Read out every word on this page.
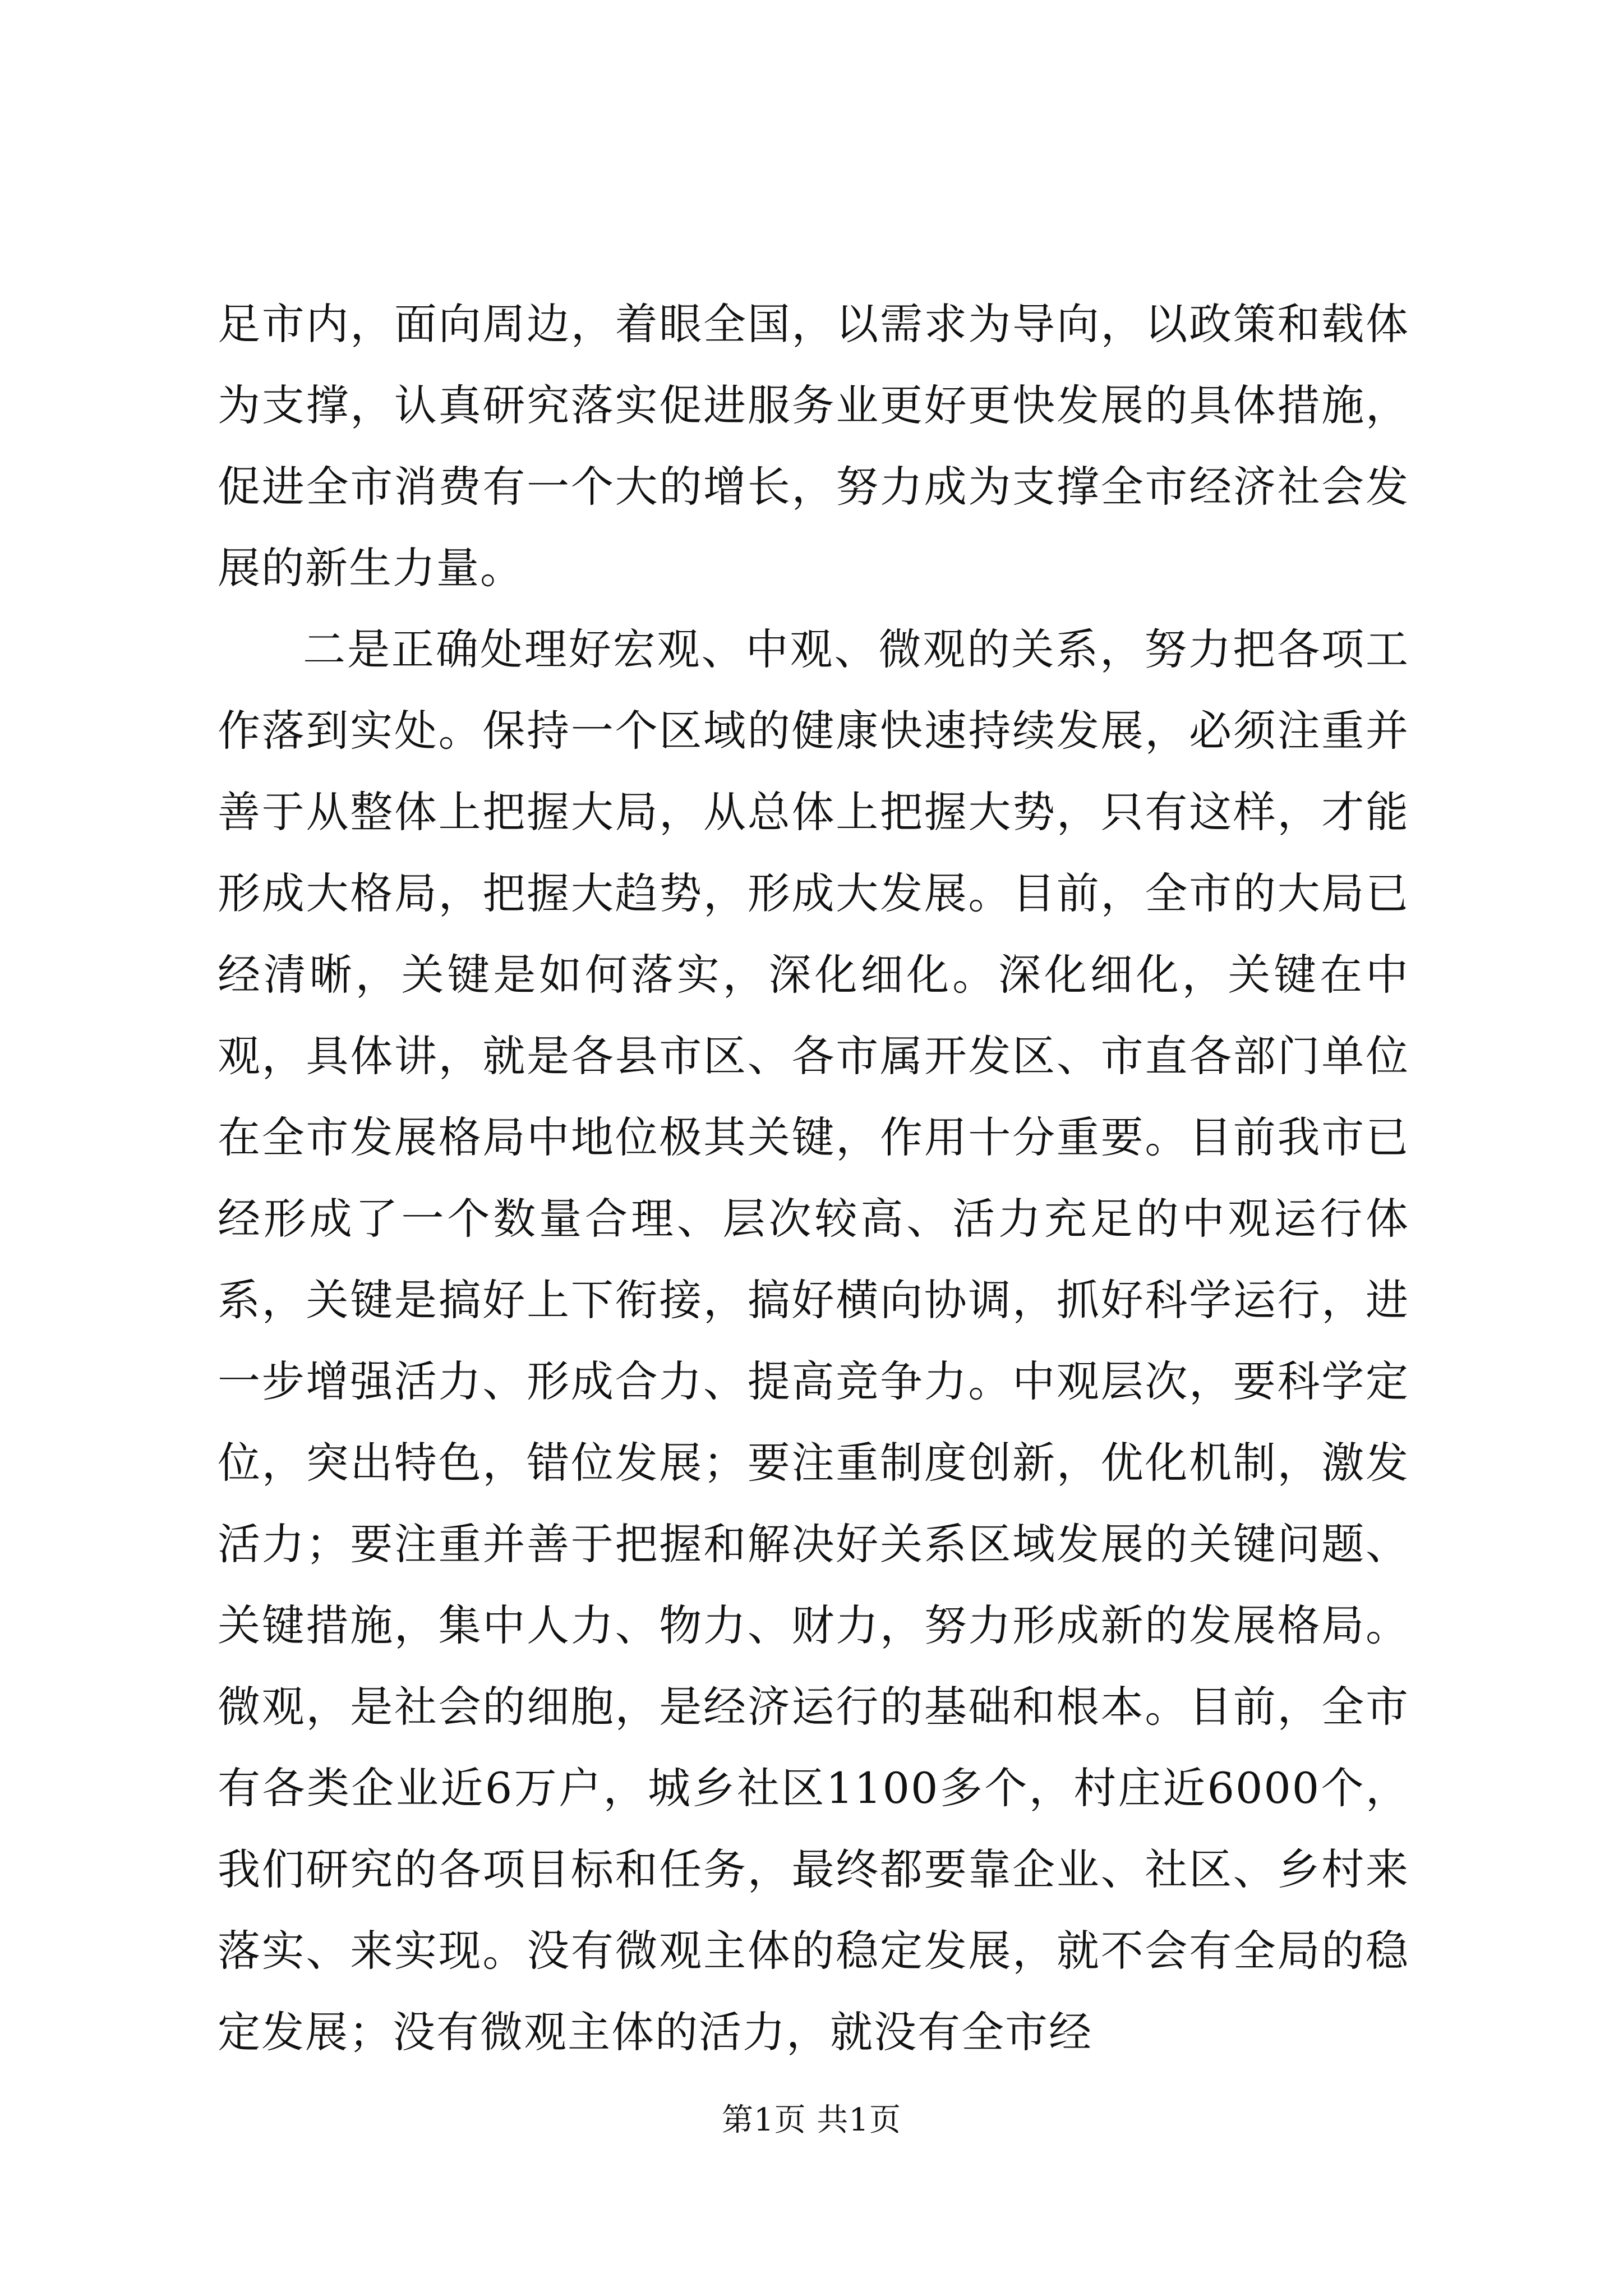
足市内，面向周边，着眼全国，以需求为导向，以政策和载体为支撑，认真研究落实促进服务业更好更快发展的具体措施，促进全市消费有一个大的增长，努力成为支撑全市经济社会发展的新生力量。

二是正确处理好宏观、中观、微观的关系，努力把各项工作落到实处。保持一个区域的健康快速持续发展，必须注重并善于从整体上把握大局，从总体上把握大势，只有这样，才能形成大格局，把握大趋势，形成大发展。目前，全市的大局已经清晰，关键是如何落实，深化细化。深化细化，关键在中观，具体讲，就是各县市区、各市属开发区、市直各部门单位在全市发展格局中地位极其关键，作用十分重要。目前我市已经形成了一个数量合理、层次较高、活力充足的中观运行体系，关键是搞好上下衔接，搞好横向协调，抓好科学运行，进一步增强活力、形成合力、提高竞争力。中观层次，要科学定位，突出特色，错位发展；要注重制度创新，优化机制，激发活力；要注重并善于把握和解决好关系区域发展的关键问题、关键措施，集中人力、物力、财力，努力形成新的发展格局。微观，是社会的细胞，是经济运行的基础和根本。目前，全市有各类企业近6万户，城乡社区1100多个，村庄近6000个，我们研究的各项目标和任务，最终都要靠企业、社区、乡村来落实、来实现。没有微观主体的稳定发展，就不会有全局的稳定发展；没有微观主体的活力，就没有全市经

第1页 共1页
